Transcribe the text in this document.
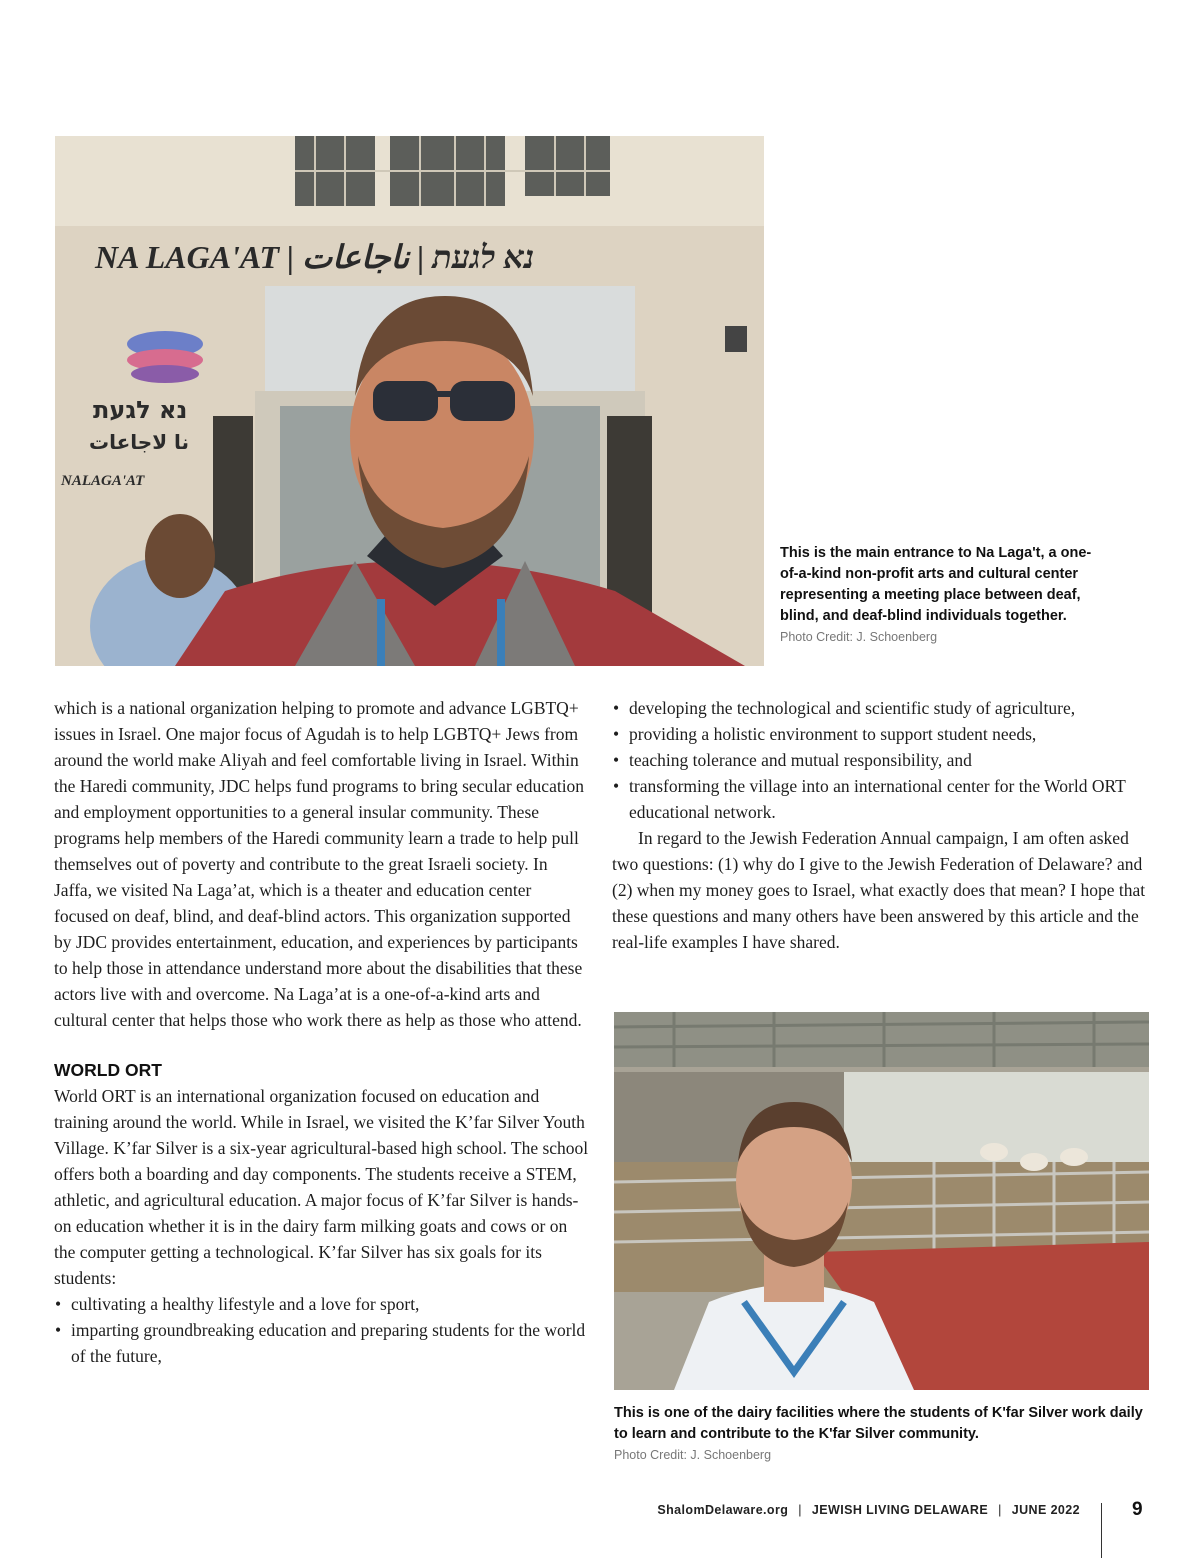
NA LAGA'AT | נא לגעת | ناجاعات
נא לגעת
نا لاجاعات
NALAGA'AT
This is the main entrance to Na Laga't, a one-of-a-kind non-profit arts and cultural center representing a meeting place between deaf, blind, and deaf-blind individuals together.
Photo Credit: J. Schoenberg

which is a national organization helping to promote and advance LGBTQ+ issues in Israel. One major focus of Agudah is to help LGBTQ+ Jews from around the world make Aliyah and feel comfortable living in Israel. Within the Haredi community, JDC helps fund programs to bring secular education and employment opportunities to a general insular community. These programs help members of the Haredi community learn a trade to help pull themselves out of poverty and contribute to the great Israeli society. In Jaffa, we visited Na Laga’at, which is a theater and education center focused on deaf, blind, and deaf-blind actors. This organization supported by JDC provides entertainment, education, and experiences by participants to help those in attendance understand more about the disabilities that these actors live with and overcome. Na Laga’at is a one-of-a-kind arts and cultural center that helps those who work there as help as those who attend.

WORLD ORT

World ORT is an international organization focused on education and training around the world. While in Israel, we visited the K’far Silver Youth Village. K’far Silver is a six-year agricultural-based high school. The school offers both a boarding and day components. The students receive a STEM, athletic, and agricultural education. A major focus of K’far Silver is hands-on education whether it is in the dairy farm milking goats and cows or on the computer getting a technological. K’far Silver has six goals for its students:

• cultivating a healthy lifestyle and a love for sport,
• imparting groundbreaking education and preparing students for the world of the future,
• developing the technological and scientific study of agriculture,
• providing a holistic environment to support student needs,
• teaching tolerance and mutual responsibility, and
• transforming the village into an international center for the World ORT educational network.

In regard to the Jewish Federation Annual campaign, I am often asked two questions: (1) why do I give to the Jewish Federation of Delaware? and (2) when my money goes to Israel, what exactly does that mean? I hope that these questions and many others have been answered by this article and the real-life examples I have shared.

This is one of the dairy facilities where the students of K'far Silver work daily to learn and contribute to the K'far Silver community.
Photo Credit: J. Schoenberg
ShalomDelaware.org | JEWISH LIVING DELAWARE | JUNE 2022	9
